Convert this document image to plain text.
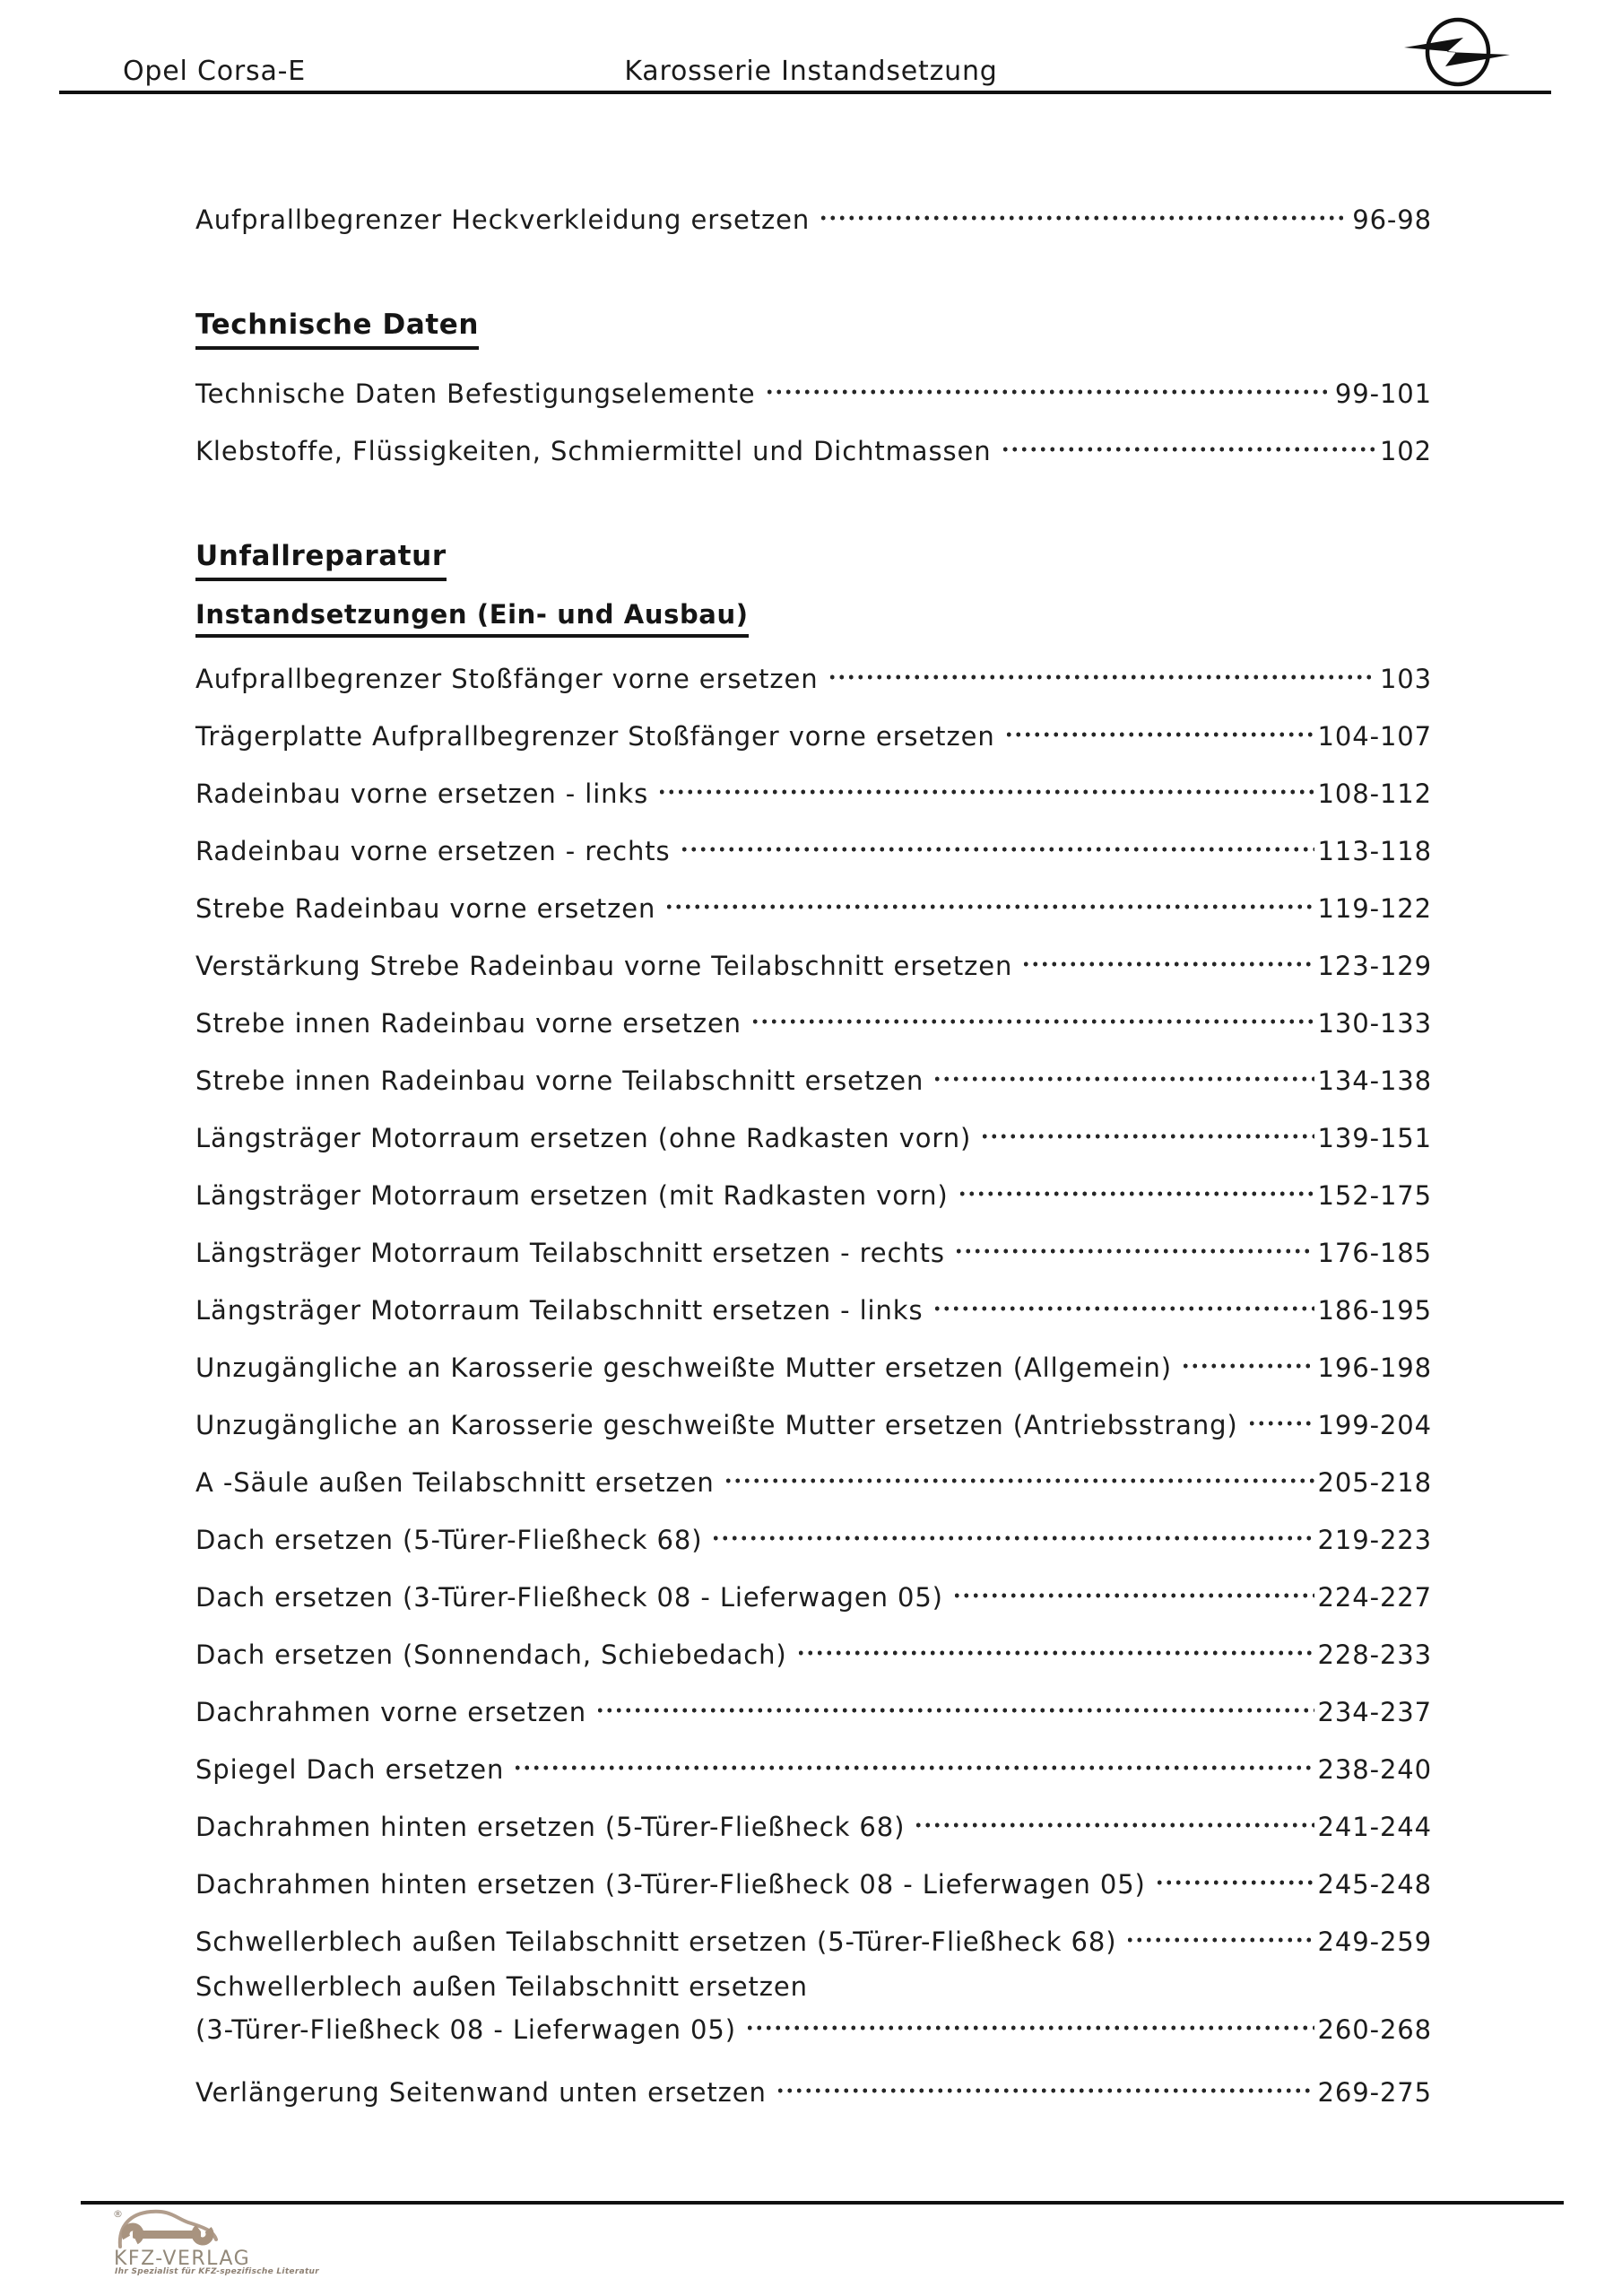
Opel Corsa-E	Karosserie Instandsetzung
Aufprallbegrenzer Heckverkleidung ersetzen	96-98
Technische Daten
Technische Daten Befestigungselemente	99-101
Klebstoffe, Flüssigkeiten, Schmiermittel und Dichtmassen	102
Unfallreparatur
Instandsetzungen (Ein- und Ausbau)
Aufprallbegrenzer Stoßfänger vorne ersetzen	103
Trägerplatte Aufprallbegrenzer Stoßfänger vorne ersetzen	104-107
Radeinbau vorne ersetzen - links	108-112
Radeinbau vorne ersetzen - rechts	113-118
Strebe Radeinbau vorne ersetzen	119-122
Verstärkung Strebe Radeinbau vorne Teilabschnitt ersetzen	123-129
Strebe innen Radeinbau vorne ersetzen	130-133
Strebe innen Radeinbau vorne Teilabschnitt ersetzen	134-138
Längsträger Motorraum ersetzen (ohne Radkasten vorn)	139-151
Längsträger Motorraum ersetzen (mit Radkasten vorn)	152-175
Längsträger Motorraum Teilabschnitt ersetzen - rechts	176-185
Längsträger Motorraum Teilabschnitt ersetzen - links	186-195
Unzugängliche an Karosserie geschweißte Mutter ersetzen (Allgemein)	196-198
Unzugängliche an Karosserie geschweißte Mutter ersetzen (Antriebsstrang)	199-204
A -Säule außen Teilabschnitt ersetzen	205-218
Dach ersetzen (5-Türer-Fließheck 68)	219-223
Dach ersetzen (3-Türer-Fließheck 08 - Lieferwagen 05)	224-227
Dach ersetzen (Sonnendach, Schiebedach)	228-233
Dachrahmen vorne ersetzen	234-237
Spiegel Dach ersetzen	238-240
Dachrahmen hinten ersetzen (5-Türer-Fließheck 68)	241-244
Dachrahmen hinten ersetzen (3-Türer-Fließheck 08 - Lieferwagen 05)	245-248
Schwellerblech außen Teilabschnitt ersetzen (5-Türer-Fließheck 68)	249-259
Schwellerblech außen Teilabschnitt ersetzen
(3-Türer-Fließheck 08 - Lieferwagen 05)	260-268
Verlängerung Seitenwand unten ersetzen	269-275
®
KFZ-VERLAG
Ihr Spezialist für KFZ-spezifische Literatur
